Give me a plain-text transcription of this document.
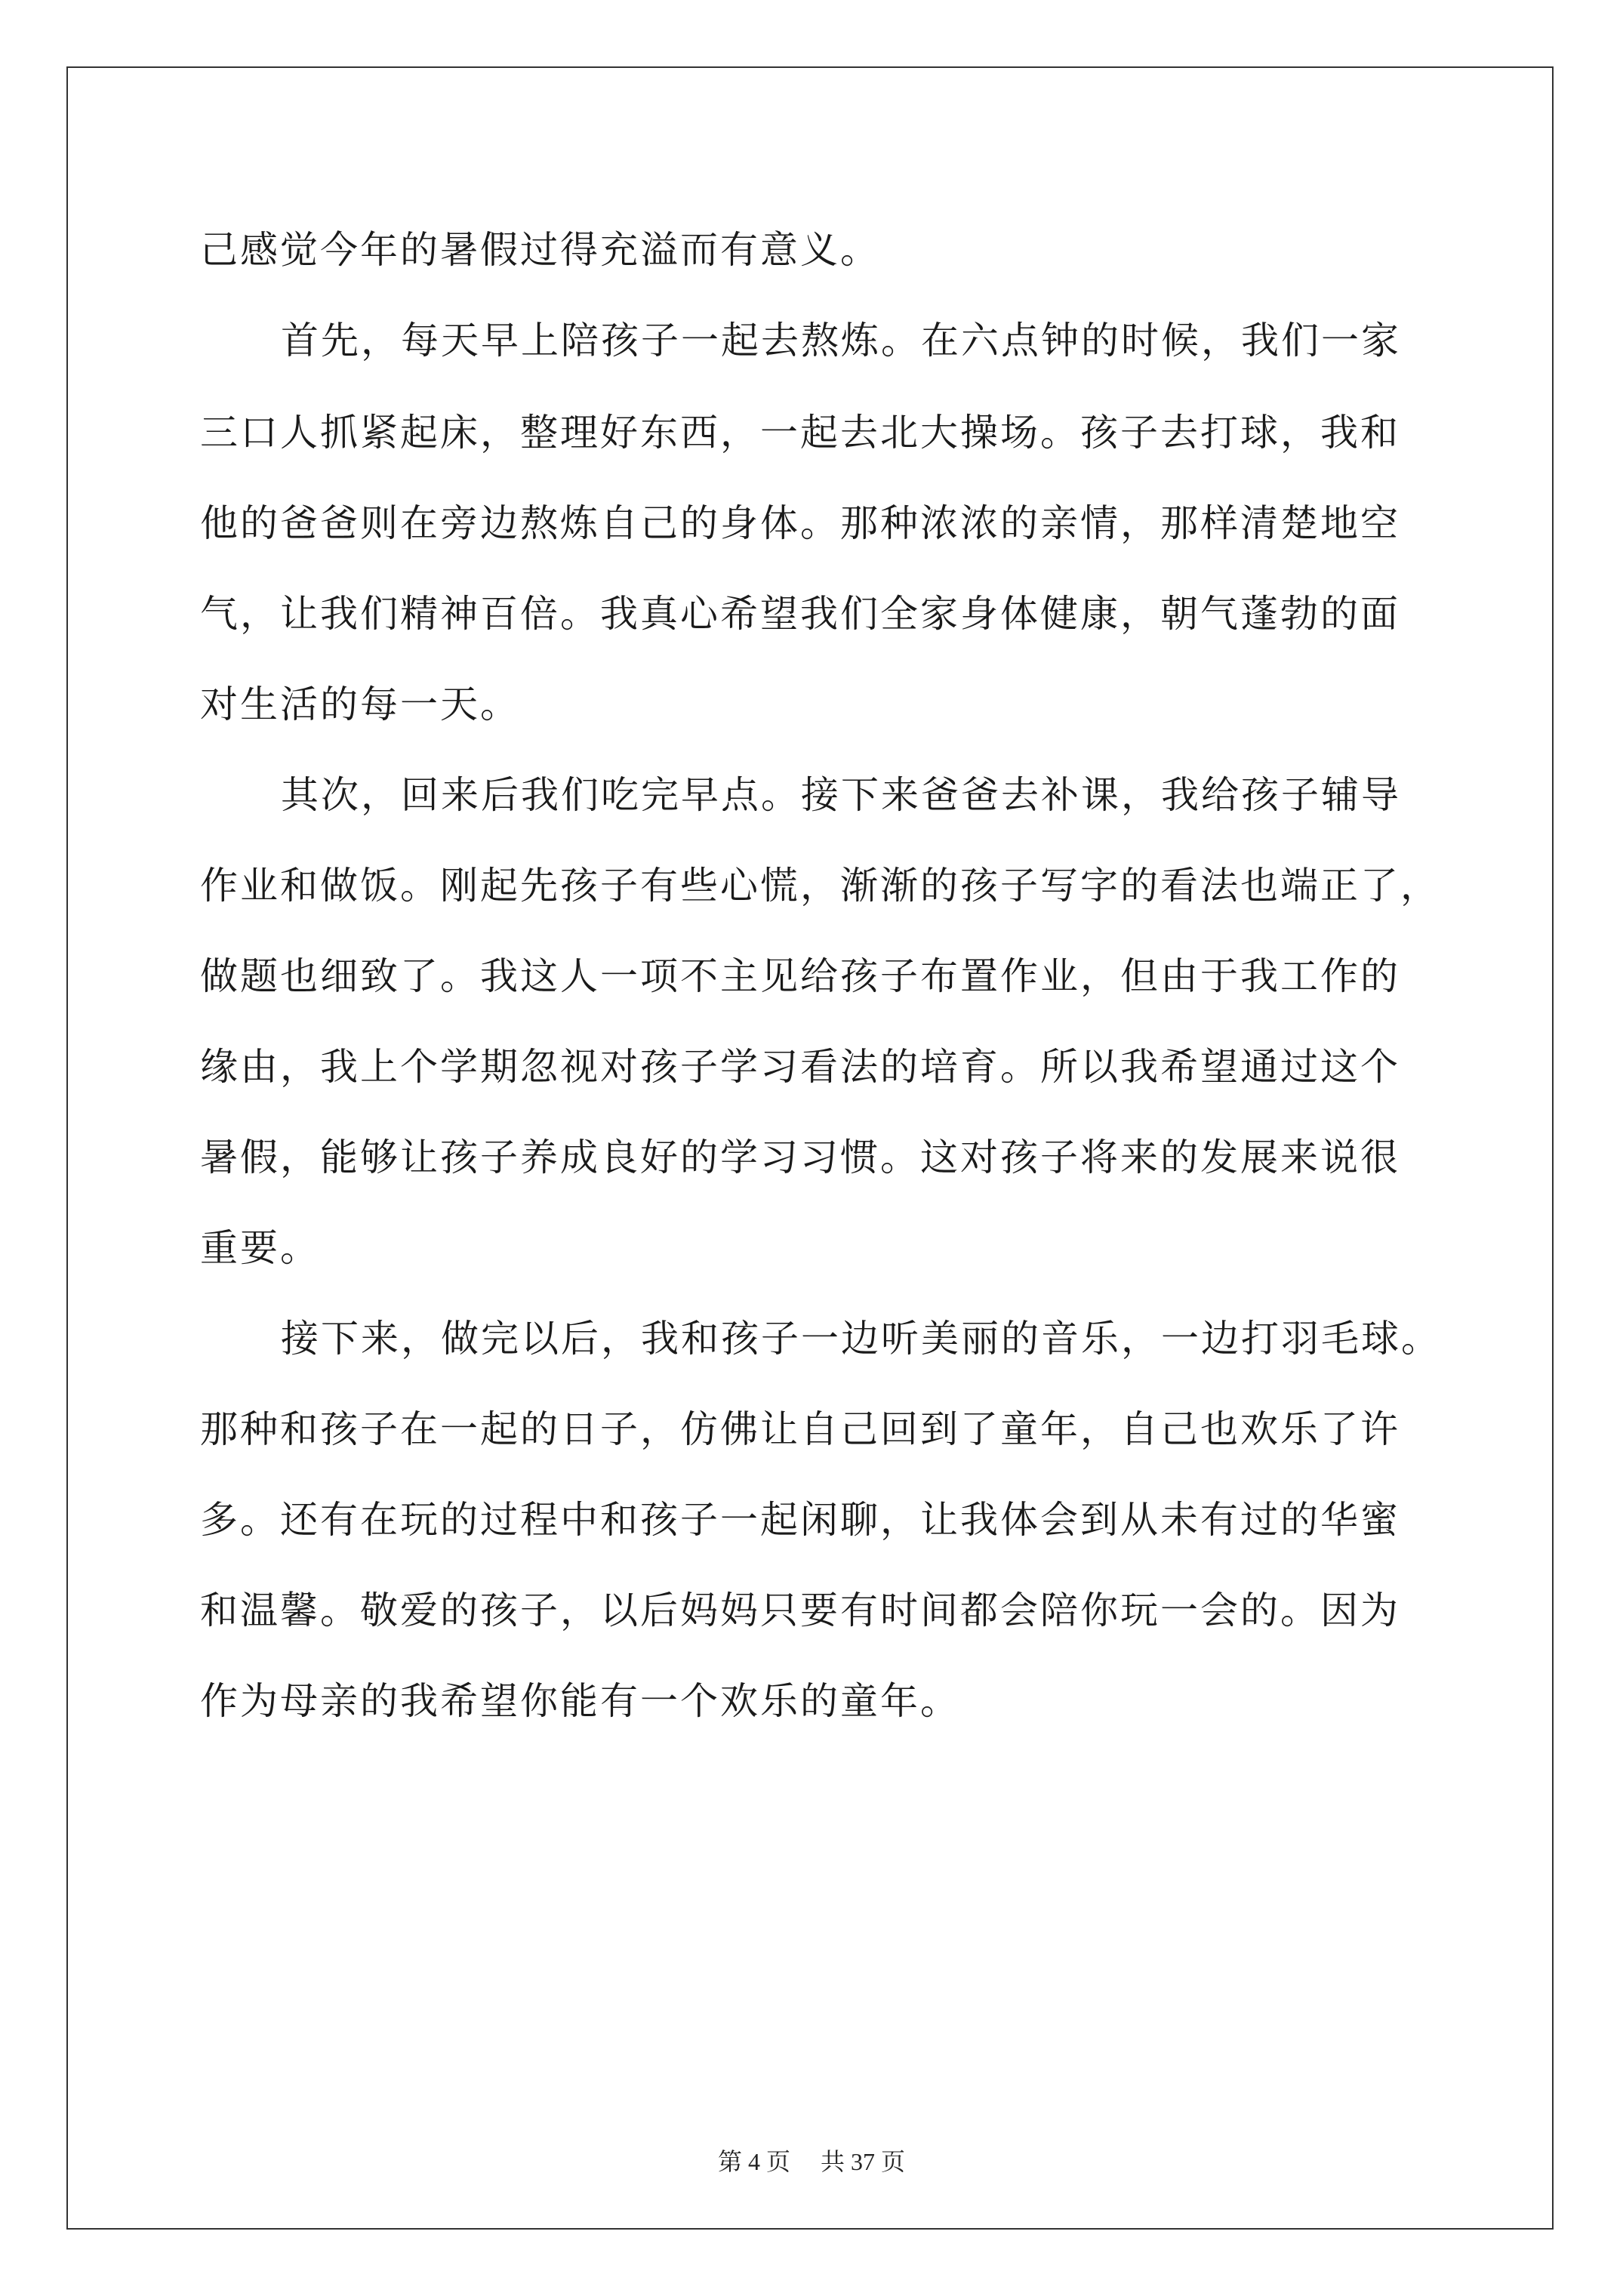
己感觉今年的暑假过得充溢而有意义。
首先，每天早上陪孩子一起去熬炼。在六点钟的时候，我们一家
三口人抓紧起床，整理好东西，一起去北大操场。孩子去打球，我和
他的爸爸则在旁边熬炼自己的身体。那种浓浓的亲情，那样清楚地空
气，让我们精神百倍。我真心希望我们全家身体健康，朝气蓬勃的面
对生活的每一天。
其次，回来后我们吃完早点。接下来爸爸去补课，我给孩子辅导
作业和做饭。刚起先孩子有些心慌，渐渐的孩子写字的看法也端正了，
做题也细致了。我这人一项不主见给孩子布置作业，但由于我工作的
缘由，我上个学期忽视对孩子学习看法的培育。所以我希望通过这个
暑假，能够让孩子养成良好的学习习惯。这对孩子将来的发展来说很
重要。
接下来，做完以后，我和孩子一边听美丽的音乐，一边打羽毛球。
那种和孩子在一起的日子，仿佛让自己回到了童年，自己也欢乐了许
多。还有在玩的过程中和孩子一起闲聊，让我体会到从未有过的华蜜
和温馨。敬爱的孩子，以后妈妈只要有时间都会陪你玩一会的。因为
作为母亲的我希望你能有一个欢乐的童年。
第 4 页 共 37 页
